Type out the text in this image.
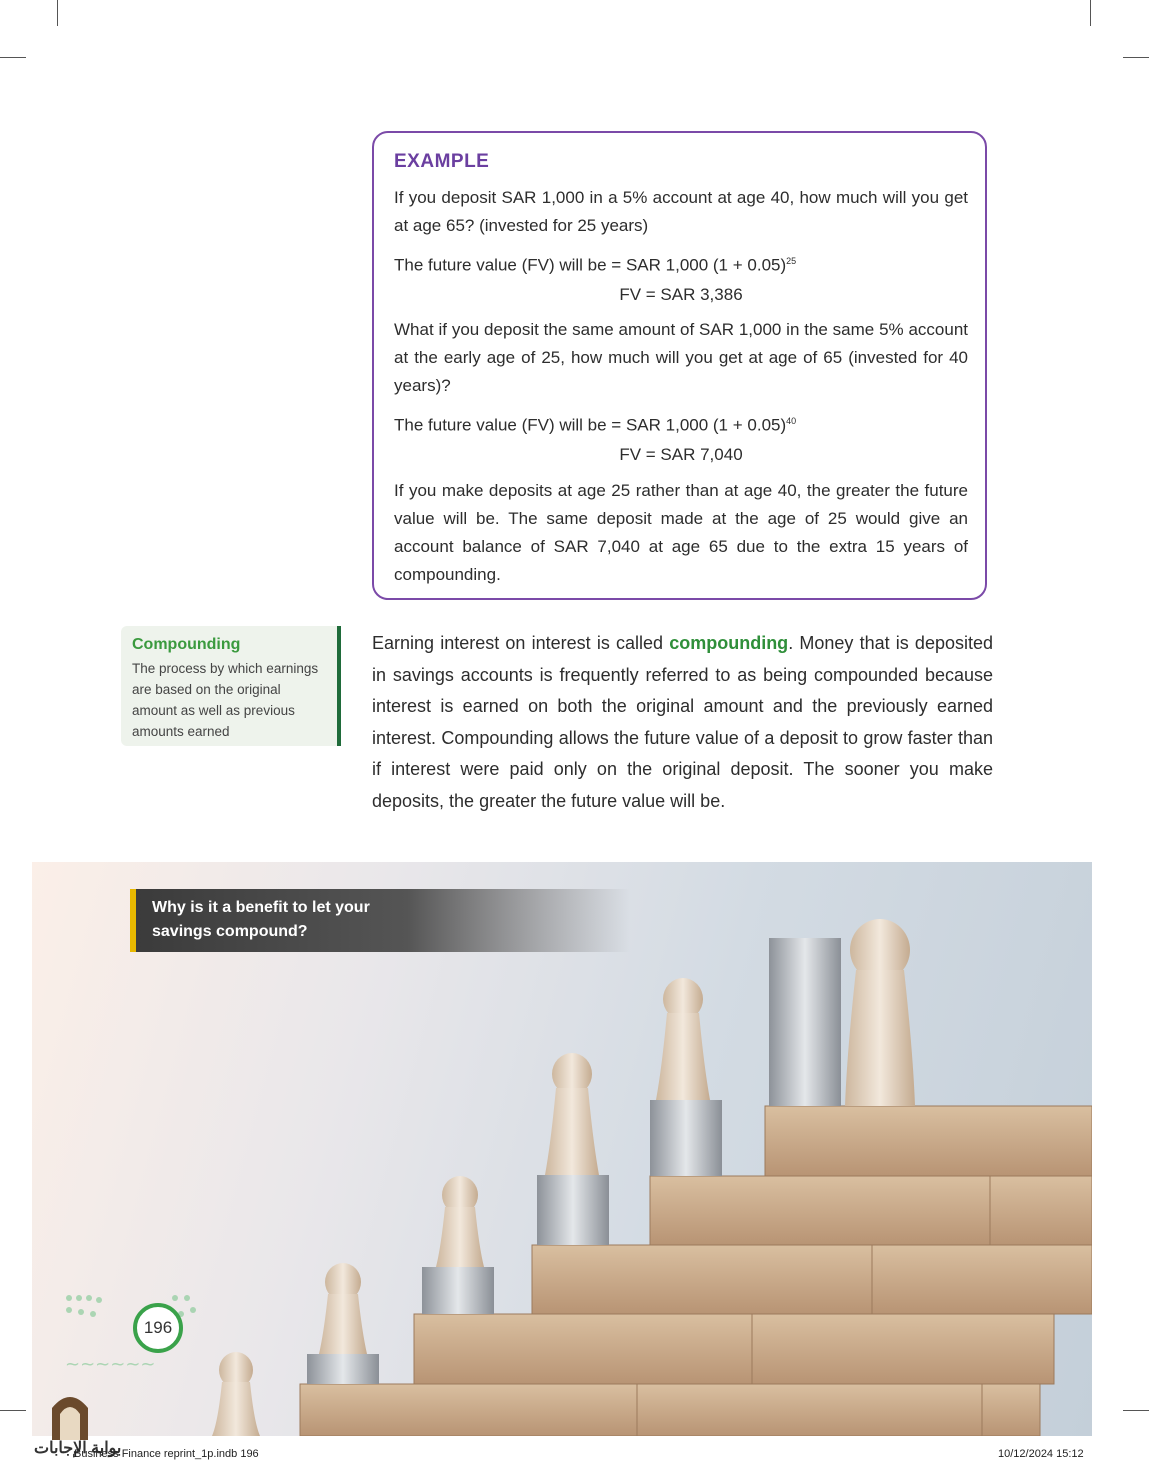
EXAMPLE
If you deposit SAR 1,000 in a 5% account at age 40, how much will you get at age 65? (invested for 25 years)
The future value (FV) will be = SAR 1,000 $(1 + 0.05)^{25}$
FV = SAR 3,386
What if you deposit the same amount of SAR 1,000 in the same 5% account at the early age of 25, how much will you get at age of 65 (invested for 40 years)?
The future value (FV) will be = SAR 1,000 $(1 + 0.05)^{40}$
FV = SAR 7,040
If you make deposits at age 25 rather than at age 40, the greater the future value will be. The same deposit made at the age of 25 would give an account balance of SAR 7,040 at age 65 due to the extra 15 years of compounding.
Compounding
The process by which earnings are based on the original amount as well as previous amounts earned
Earning interest on interest is called compounding. Money that is deposited in savings accounts is frequently referred to as being compounded because interest is earned on both the original amount and the previously earned interest. Compounding allows the future value of a deposit to grow faster than if interest were paid only on the original deposit. The sooner you make deposits, the greater the future value will be.
Why is it a benefit to let your
savings compound?
~~~~~~
196
بوابة الإجابات
Business Finance reprint_1p.indb 196	10/12/2024 15:12
